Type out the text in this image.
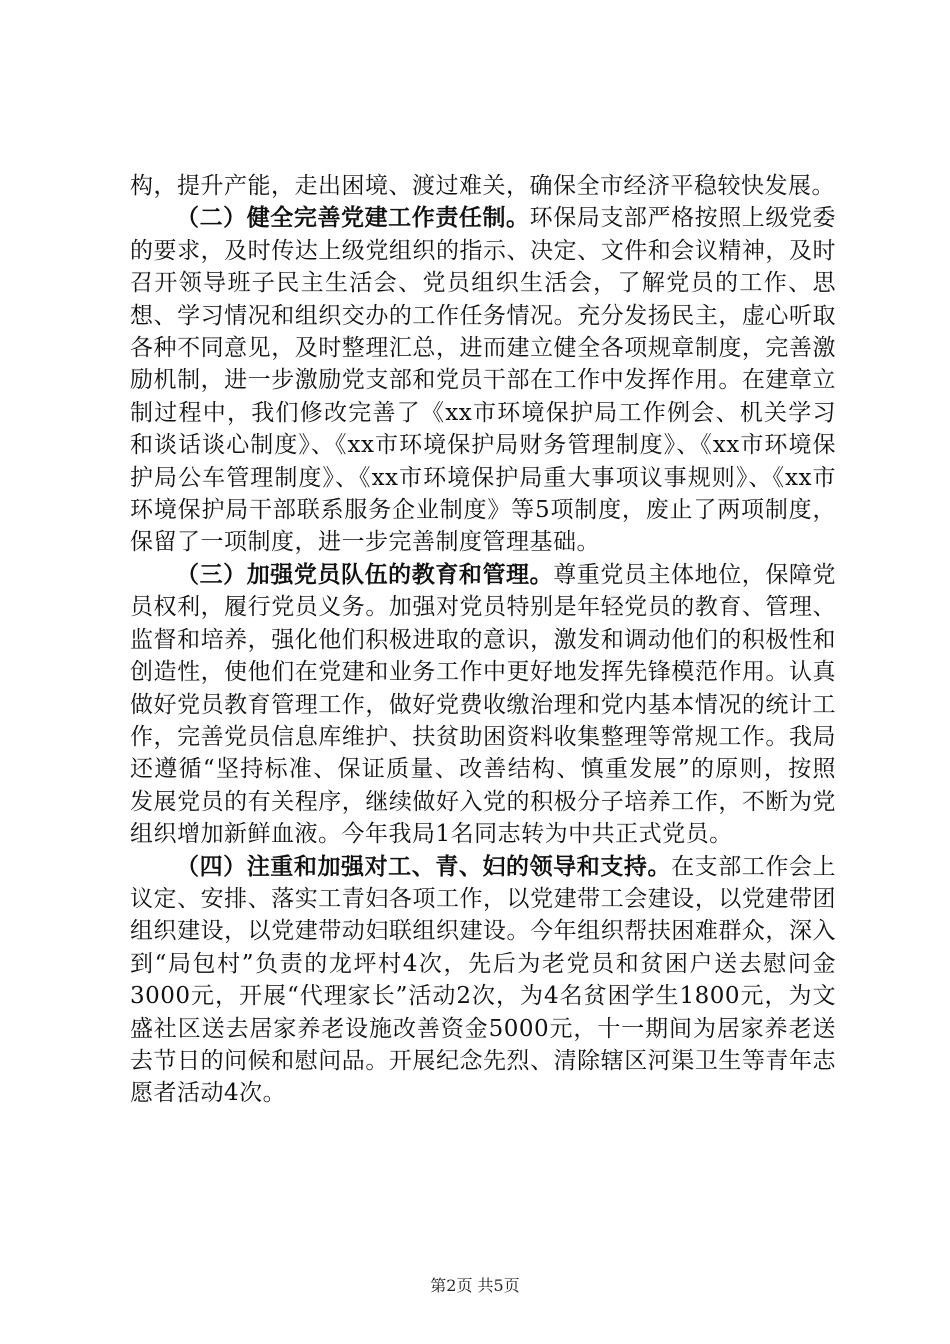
构，提升产能，走出困境、渡过难关，确保全市经济平稳较快发展。

（二）健全完善党建工作责任制。环保局支部严格按照上级党委的要求，及时传达上级党组织的指示、决定、文件和会议精神，及时召开领导班子民主生活会、党员组织生活会，了解党员的工作、思想、学习情况和组织交办的工作任务情况。充分发扬民主，虚心听取各种不同意见，及时整理汇总，进而建立健全各项规章制度，完善激励机制，进一步激励党支部和党员干部在工作中发挥作用。在建章立制过程中，我们修改完善了《xx市环境保护局工作例会、机关学习和谈话谈心制度》、《xx市环境保护局财务管理制度》、《xx市环境保护局公车管理制度》、《xx市环境保护局重大事项议事规则》、《xx市环境保护局干部联系服务企业制度》等5项制度，废止了两项制度，保留了一项制度，进一步完善制度管理基础。

（三）加强党员队伍的教育和管理。尊重党员主体地位，保障党员权利，履行党员义务。加强对党员特别是年轻党员的教育、管理、监督和培养，强化他们积极进取的意识，激发和调动他们的积极性和创造性，使他们在党建和业务工作中更好地发挥先锋模范作用。认真做好党员教育管理工作，做好党费收缴治理和党内基本情况的统计工作，完善党员信息库维护、扶贫助困资料收集整理等常规工作。我局还遵循“坚持标准、保证质量、改善结构、慎重发展”的原则，按照发展党员的有关程序，继续做好入党的积极分子培养工作，不断为党组织增加新鲜血液。今年我局1名同志转为中共正式党员。

（四）注重和加强对工、青、妇的领导和支持。在支部工作会上议定、安排、落实工青妇各项工作，以党建带工会建设，以党建带团组织建设，以党建带动妇联组织建设。今年组织帮扶困难群众，深入到“局包村”负责的龙坪村4次，先后为老党员和贫困户送去慰问金3000元，开展“代理家长”活动2次，为4名贫困学生1800元，为文盛社区送去居家养老设施改善资金5000元，十一期间为居家养老送去节日的问候和慰问品。开展纪念先烈、清除辖区河渠卫生等青年志愿者活动4次。

第2页 共5页
